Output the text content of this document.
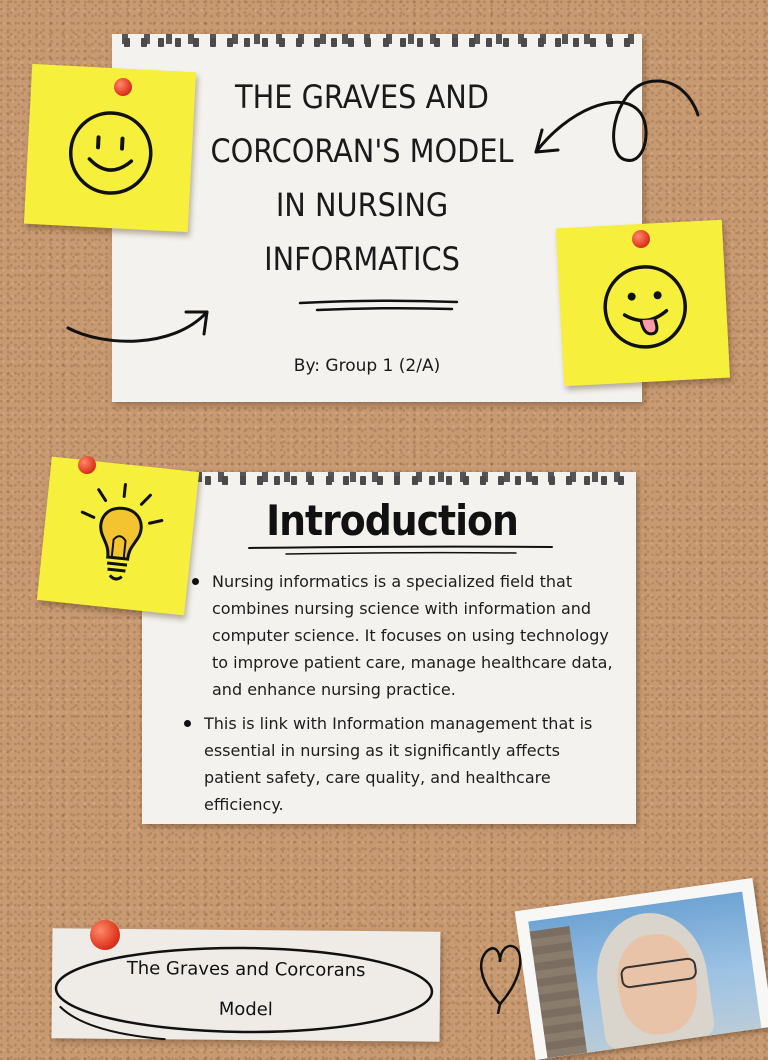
THE GRAVES AND
CORCORAN'S MODEL
IN NURSING
INFORMATICS
By: Group 1 (2/A)
Introduction
Nursing informatics is a specialized field that combines nursing science with information and computer science. It focuses on using technology to improve patient care, manage healthcare data, and enhance nursing practice.
This is link with Information management that is essential in nursing as it significantly affects patient safety, care quality, and healthcare efficiency.
The Graves and Corcorans
Model
